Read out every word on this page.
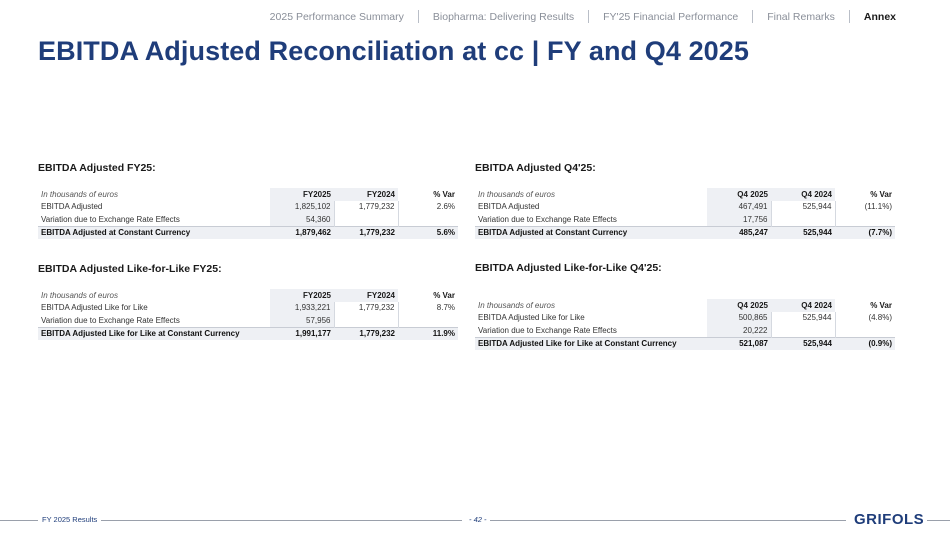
2025 Performance Summary	Biopharma: Delivering Results	FY'25 Financial Performance	Final Remarks	Annex
EBITDA Adjusted Reconciliation at cc | FY and Q4 2025
EBITDA Adjusted FY25:
In thousands of euros	FY2025	FY2024	% Var
EBITDA Adjusted	1,825,102	1,779,232	2.6%
Variation due to Exchange Rate Effects	54,360		
EBITDA Adjusted at Constant Currency	1,879,462	1,779,232	5.6%
EBITDA Adjusted Q4'25:
In thousands of euros	Q4 2025	Q4 2024	% Var
EBITDA Adjusted	467,491	525,944	(11.1%)
Variation due to Exchange Rate Effects	17,756		
EBITDA Adjusted at Constant Currency	485,247	525,944	(7.7%)
EBITDA Adjusted Like-for-Like FY25:
In thousands of euros	FY2025	FY2024	% Var
EBITDA Adjusted Like for Like	1,933,221	1,779,232	8.7%
Variation due to Exchange Rate Effects	57,956		
EBITDA Adjusted Like for Like at Constant Currency	1,991,177	1,779,232	11.9%
EBITDA Adjusted Like-for-Like Q4'25:
In thousands of euros	Q4 2025	Q4 2024	% Var
EBITDA Adjusted Like for Like	500,865	525,944	(4.8%)
Variation due to Exchange Rate Effects	20,222		
EBITDA Adjusted Like for Like at Constant Currency	521,087	525,944	(0.9%)
FY 2025 Results	- 42 -	GRIFOLS
